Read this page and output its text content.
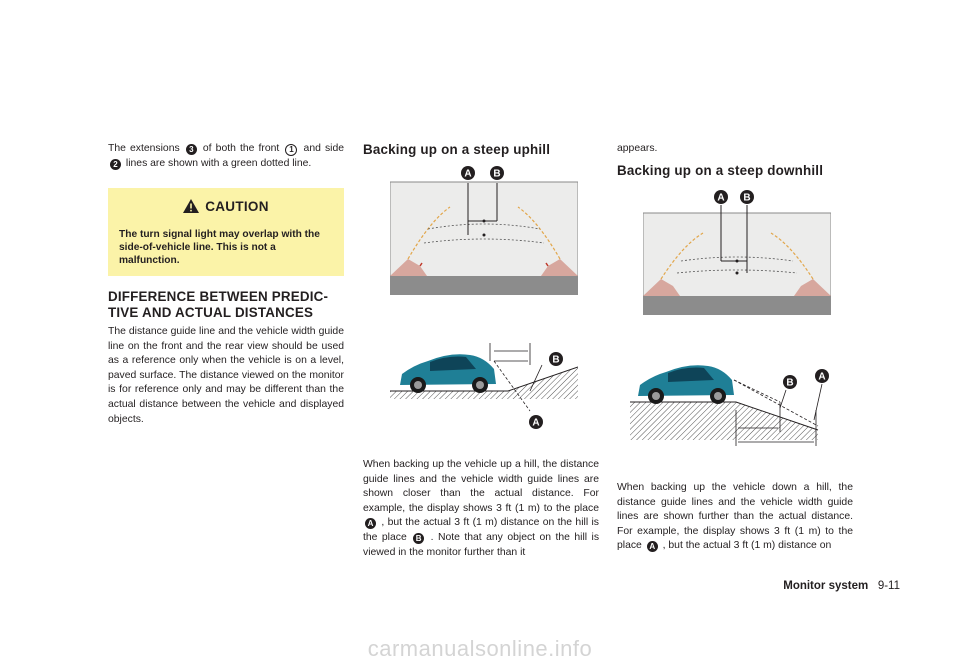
The extensions 3 of both the front 1 and side 2 lines are shown with a green dotted line.

CAUTION
The turn signal light may overlap with the side-of-vehicle line. This is not a malfunction.
DIFFERENCE BETWEEN PREDIC-
TIVE AND ACTUAL DISTANCES

The distance guide line and the vehicle width guide line on the front and the rear view should be used as a reference only when the vehicle is on a level, paved surface. The distance viewed on the monitor is for reference only and may be different than the actual distance between the vehicle and displayed objects.

Backing up on a steep uphill
A B
B
A

When backing up the vehicle up a hill, the distance guide lines and the vehicle width guide lines are shown closer than the actual distance. For example, the display shows 3 ft (1 m) to the place A , but the actual 3 ft (1 m) distance on the hill is the place B . Note that any object on the hill is viewed in the monitor further than it

appears.

Backing up on a steep downhill
A B
B
A

When backing up the vehicle down a hill, the distance guide lines and the vehicle width guide lines are shown further than the actual distance. For example, the display shows 3 ft (1 m) to the place A , but the actual 3 ft (1 m) distance on

Monitor system 9-11
carmanualsonline.info
